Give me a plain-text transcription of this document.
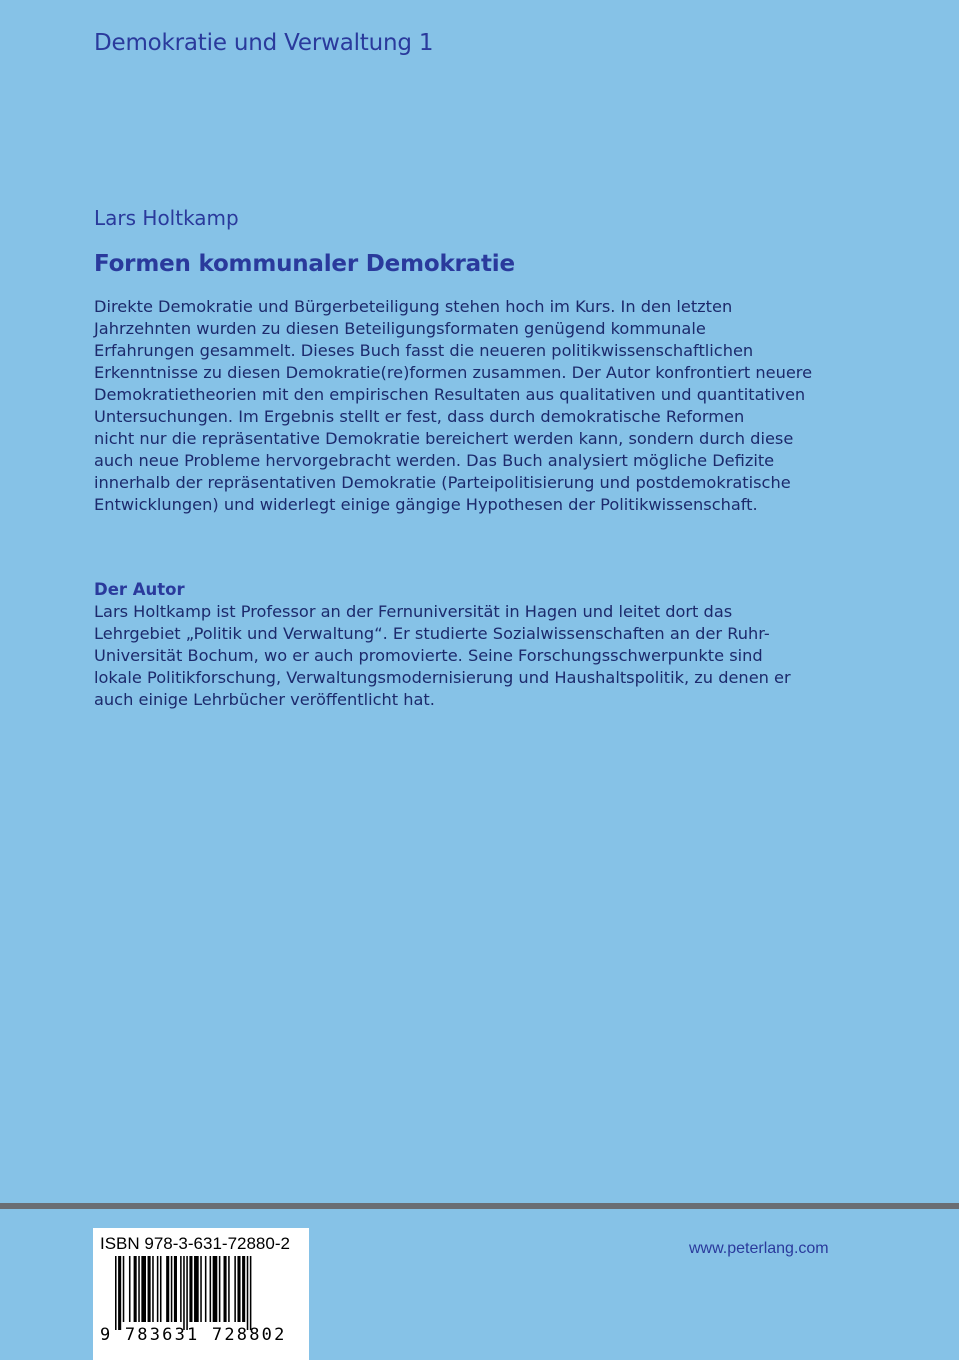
Demokratie und Verwaltung 1
Lars Holtkamp
Formen kommunaler Demokratie
Direkte Demokratie und Bürgerbeteiligung stehen hoch im Kurs. In den letzten
Jahrzehnten wurden zu diesen Beteiligungsformaten genügend kommunale
Erfahrungen gesammelt. Dieses Buch fasst die neueren politikwissenschaftlichen
Erkenntnisse zu diesen Demokratie(re)formen zusammen. Der Autor konfrontiert neuere
Demokratietheorien mit den empirischen Resultaten aus qualitativen und quantitativen
Untersuchungen. Im Ergebnis stellt er fest, dass durch demokratische Reformen
nicht nur die repräsentative Demokratie bereichert werden kann, sondern durch diese
auch neue Probleme hervorgebracht werden. Das Buch analysiert mögliche Defizite
innerhalb der repräsentativen Demokratie (Parteipolitisierung und postdemokratische
Entwicklungen) und widerlegt einige gängige Hypothesen der Politikwissenschaft.
Der Autor
Lars Holtkamp ist Professor an der Fernuniversität in Hagen und leitet dort das
Lehrgebiet „Politik und Verwaltung“. Er studierte Sozialwissenschaften an der Ruhr-
Universität Bochum, wo er auch promovierte. Seine Forschungsschwerpunkte sind
lokale Politikforschung, Verwaltungsmodernisierung und Haushaltspolitik, zu denen er
auch einige Lehrbücher veröffentlicht hat.
ISBN 978-3-631-72880-2
9 783631 728802
www.peterlang.com
